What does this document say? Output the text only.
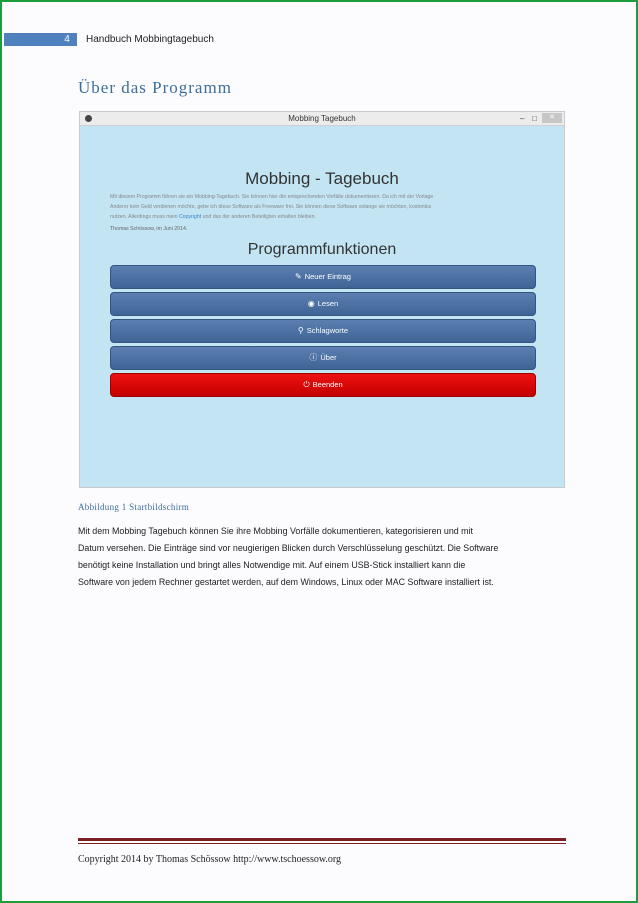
4	Handbuch Mobbingtagebuch
Über das Programm
Mobbing Tagebuch	– □	✕
Mobbing - Tagebuch
Mit diesem Programm führen sie ein Mobbing-Tagebuch. Sie können hier die entsprechenden Vorfälle dokumentieren. Da ich mit der Vorlage
Anderer kein Geld verdienen möchte, gebe ich diese Software als Freeware frei. Sie können diese Software solange sie möchten, kostenlos
nutzen. Allerdings muss mein Copyright und das der anderen Beteiligten erhalten bleiben.
Thomas Schössow, im Juni 2014.
Programmfunktionen
✎ Neuer Eintrag
◉ Lesen
⚲ Schlagworte
ⓘ Über
⏻ Beenden
Abbildung 1 Startbildschirm
Mit dem Mobbing Tagebuch können Sie ihre Mobbing Vorfälle dokumentieren, kategorisieren und mit
Datum versehen. Die Einträge sind vor neugierigen Blicken durch Verschlüsselung geschützt. Die Software
benötigt keine Installation und bringt alles Notwendige mit. Auf einem USB-Stick installiert kann die
Software von jedem Rechner gestartet werden, auf dem Windows, Linux oder MAC Software installiert ist.
Copyright 2014 by Thomas Schössow http://www.tschoessow.org
